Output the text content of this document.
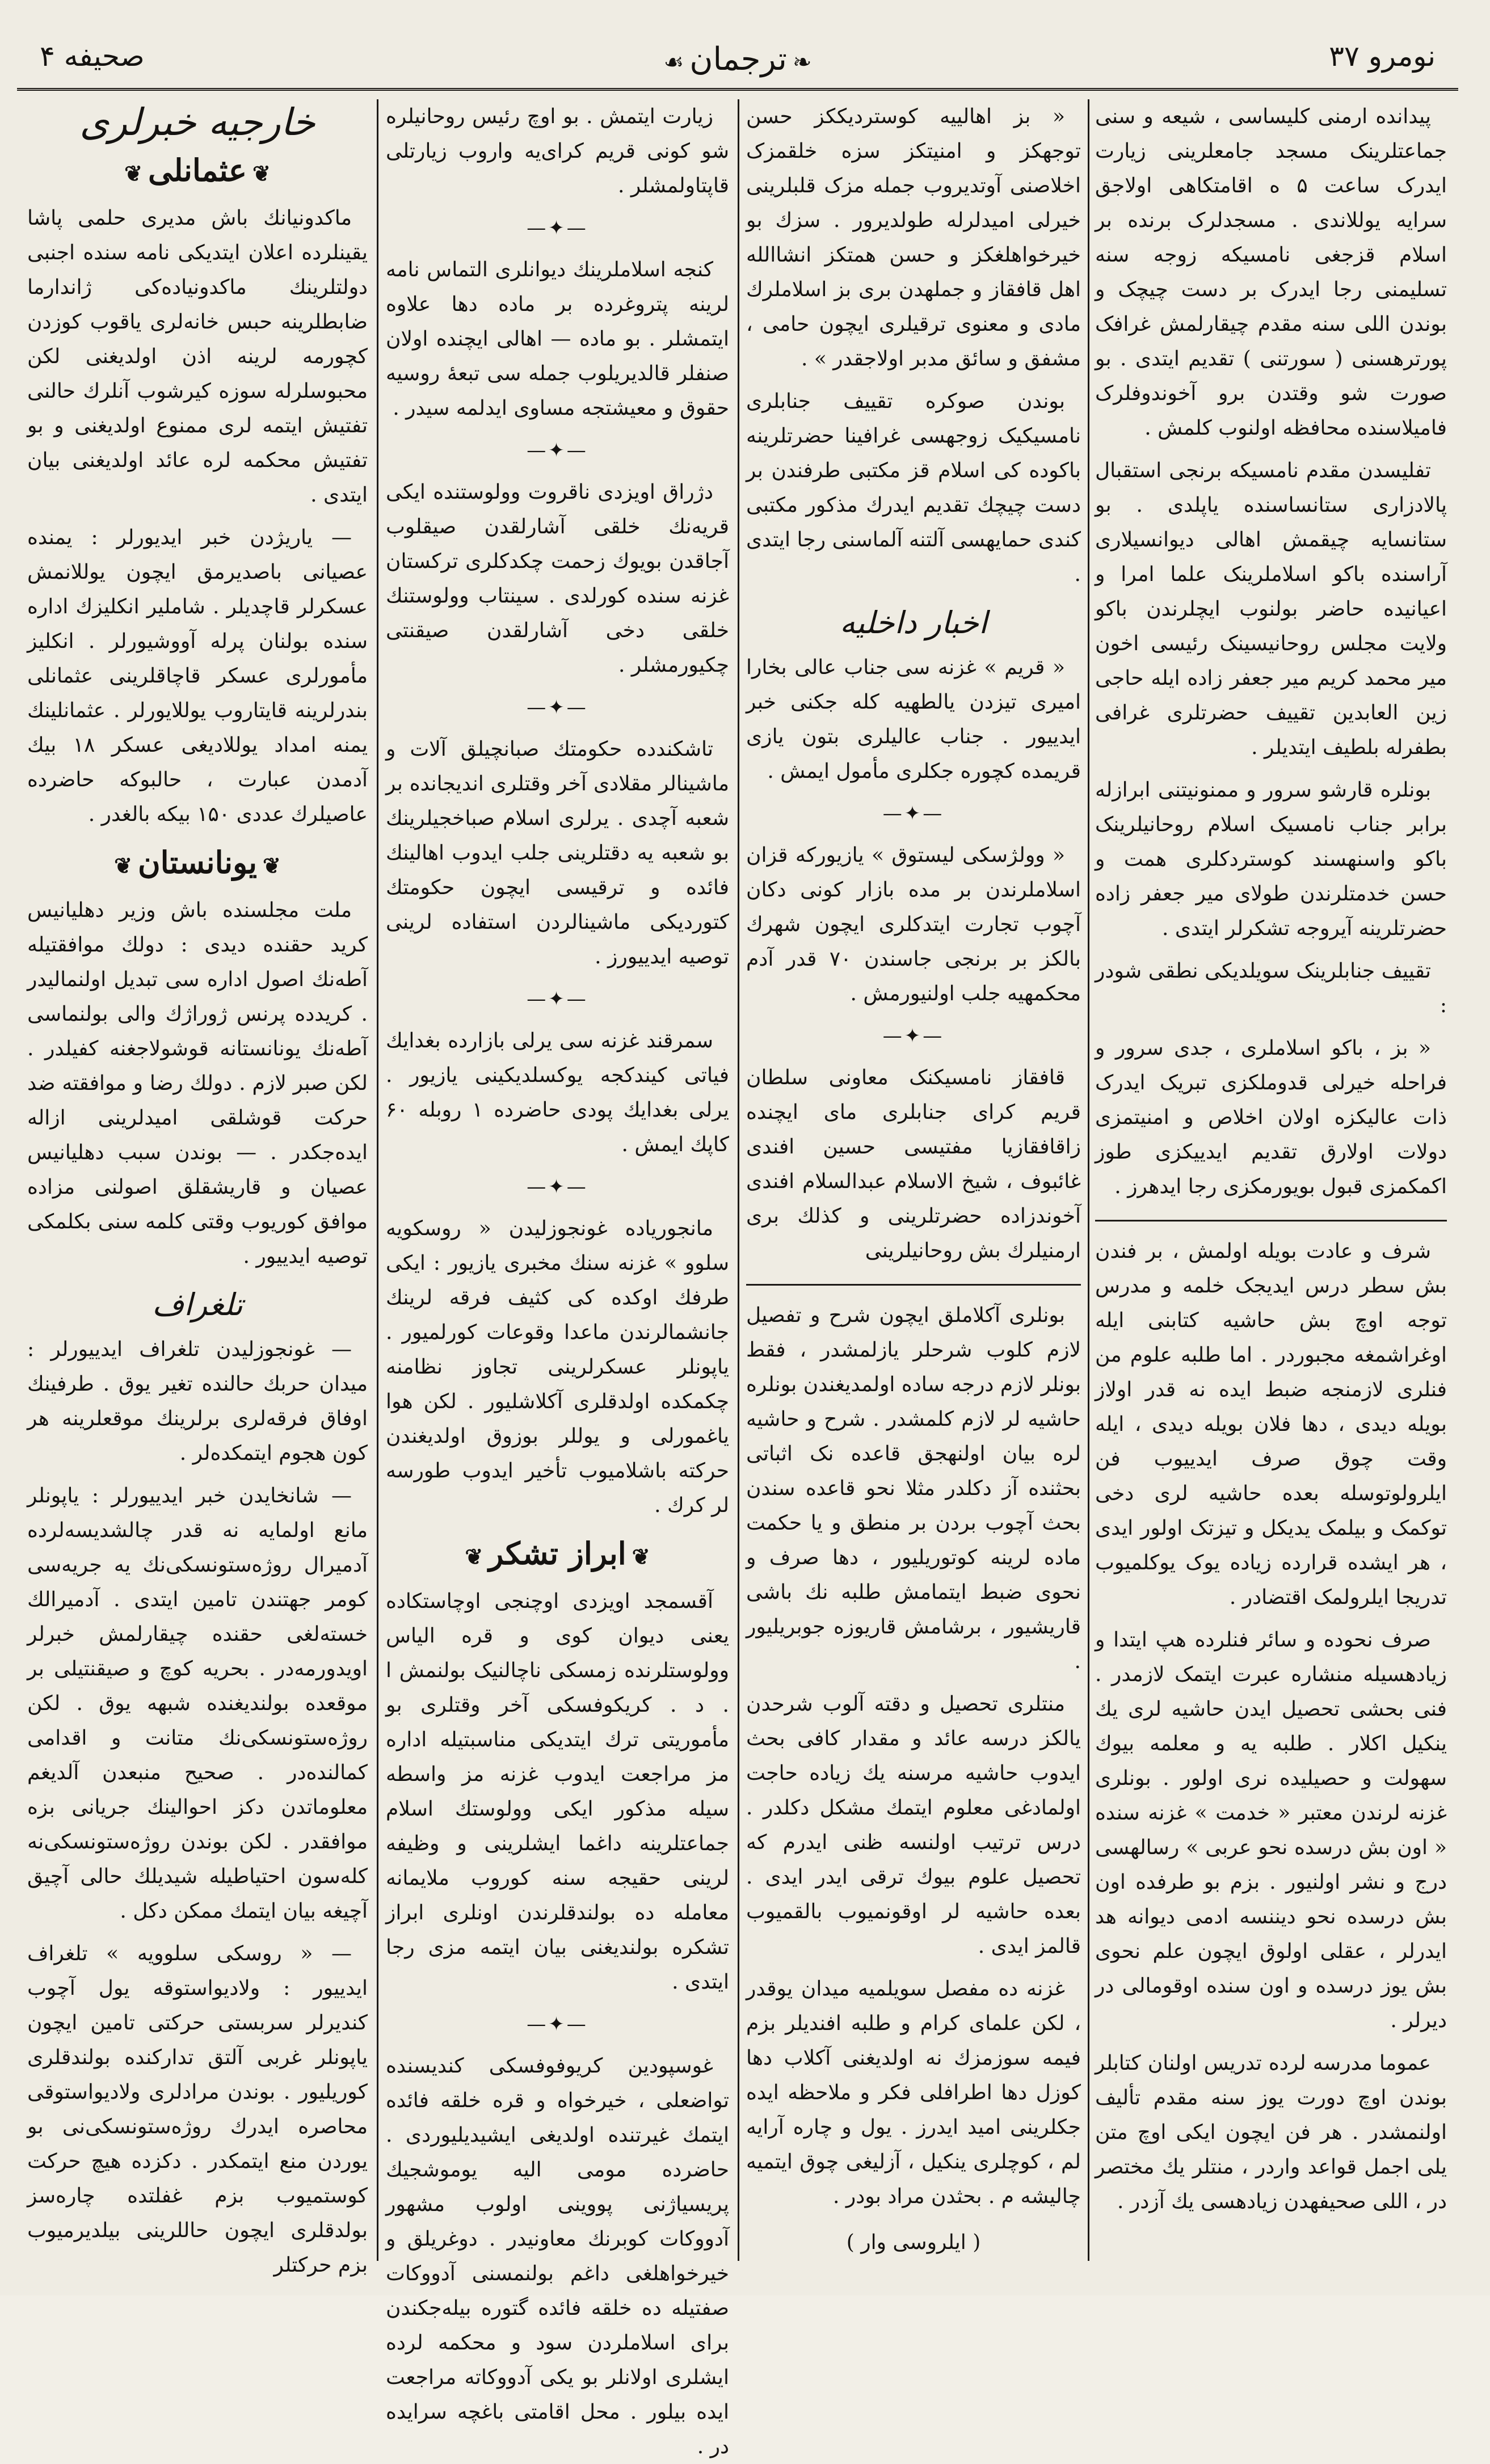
صحیفه ۴	❧ترجمان☙	نومرو ۳۷

پیدانده ارمنی کلیساسی ، شیعه و سنی جماعتلرینک مسجد جامعلرینی زیارت ایدرک ساعت ۵ ه اقامتکاهی اولاجق سرایه یوللاندی . مسجدلرک برنده بر اسلام قزجغی نامسیکه زوجه سنه تسلیمنی رجا ایدرک بر دست چیچک و بوندن اللی سنه مقدم چیقارلمش غرافک پورترهسنی ( سورتنی ) تقدیم ایتدی . بو صورت شو وقتدن برو آخوندوفلرک فامیلاسنده محافظه اولنوب کلمش .

تفلیسدن مقدم نامسیکه برنجی استقبال پالادزاری ستانساسنده یاپلدی . بو ستانسایه چیقمش اهالی دیوانسیلاری آراسنده باکو اسلاملرینک علما امرا و اعیانیده حاضر بولنوب ایچلرندن باکو ولایت مجلس روحانیسینک رئیسی اخون میر محمد کریم میر جعفر زاده ایله حاجی زین العابدین تقییف حضرتلری غرافی بطفرله بلطیف ایتدیلر .

بونلره قارشو سرور و ممنونیتنی ابرازله برابر جناب نامسیک اسلام روحانیلرینک باکو واسنهسند کوستردکلری همت و حسن خدمتلرندن طولای میر جعفر زاده حضرتلرینه آیروجه تشکرلر ایتدی .

تقییف جنابلرینک سویلدیکی نطقی شودر :

« بز ، باکو اسلاملری ، جدی سرور و فراحله خیرلی قدوملکزی تبریک ایدرک ذات عالیکزه اولان اخلاص و امنیتمزی دولات اولارق تقدیم ایدییکزی طوز اکمکمزی قبول بویورمکزی رجا ایدهرز .

شرف و عادت بویله اولمش ، بر فندن بش سطر درس ایدیجک خلمه و مدرس توجه اوچ بش حاشیه کتابنی ایله اوغراشمغه مجبوردر . اما طلبه علوم من فنلری لازمنجه ضبط ایده نه قدر اولاز بویله دیدی ، دها فلان بویله دیدی ، ایله وقت چوق صرف ایدییوب فن ایلرولوتوسله بعده حاشیه لری دخی توکمک و بیلمک یدیکل و تیزتک اولور ایدی ، هر ایشده قرارده زیاده یوک یوکلمیوب تدریجا ایلرولمک اقتضادر .

صرف نحوده و سائر فنلرده هپ ایتدا و زیادهسیله منشاره عبرت ایتمک لازمدر . فنی بحشی تحصیل ایدن حاشیه لری یك ینکیل اکلار . طلبه یه و معلمه بیوك سهولت و حصیلیده نری اولور . بونلری غزنه لرندن معتبر « خدمت » غزنه سنده « اون بش درسده نحو عربی » رسالهسی درج و نشر اولنیور . بزم بو طرفده اون بش درسده نحو دیننسه ادمی دیوانه هد ایدرلر ، عقلی اولوق ایچون علم نحوی بش یوز درسده و اون سنده اوقومالی در دیرلر .

عموما مدرسه لرده تدریس اولنان کتابلر بوندن اوچ دورت یوز سنه مقدم تألیف اولنمشدر . هر فن ایچون ایکی اوچ متن یلی اجمل قواعد واردر ، منتلر یك مختصر در ، اللی صحیفهدن زیادهسی یك آزدر .

« بز اهالییه کوستردیککز حسن توجهکز و امنیتکز سزه خلقمزک اخلاصنی آوتدیروب جمله مزک قلبلرینی خیرلی امیدلرله طولدیرور . سزك بو خیرخواهلغکز و حسن همتکز انشاالله اهل قافقاز و جملهدن بری بز اسلاملرك مادی و معنوی ترقیلری ایچون حامی ، مشفق و سائق مدبر اولاجقدر » .

بوندن صوکره تقییف جنابلری نامسیکیک زوجهسی غرافینا حضرتلرینه باکوده کی اسلام قز مکتبی طرفندن بر دست چیچك تقدیم ایدرك مذکور مکتبی کندی حمایهسی آلتنه آلماسنی رجا ایتدی .

اخبار داخلیه

« قریم » غزنه سی جناب عالی بخارا امیری تیزدن یالطهیه کله جکنی خبر ایدییور . جناب عالیلری بتون یازی قریمده کچوره جکلری مأمول ایمش .

—✦—

« وولژسکی لیستوق » یازیورکه قزان اسلاملرندن بر مدە بازار کونی دکان آچوب تجارت ایتدکلری ایچون شهرك بالکز بر برنجی جاسندن ۷۰ قدر آدم محکمهیه جلب اولنیورمش .

—✦—

قافقاز نامسیکنک معاونی سلطان قریم کرای جنابلری مای ایچنده زاقافقازیا مفتیسی حسین افندی غائبوف ، شیخ الاسلام عبدالسلام افندی آخوندزاده حضرتلرینی و کذلك بری ارمنیلرك بش روحانیلرینی

بونلری آکلاملق ایچون شرح و تفصیل لازم کلوب شرحلر یازلمشدر ، فقط بونلر لازم درجه ساده اولمدیغندن بونلره حاشیه لر لازم کلمشدر . شرح و حاشیه لره بیان اولنهجق قاعده نک اثباتی بحثنده آز دکلدر مثلا نحو قاعده سندن بحث آچوب بردن بر منطق و یا حکمت ماده لرینه کوتوریلیور ، دها صرف و نحوی ضبط ایتمامش طلبه نك باشی قاریشیور ، برشامش قاریوزه جوبریلیور .

منتلری تحصیل و دقته آلوب شرحدن یالکز درسه عائد و مقدار کافی بحث ایدوب حاشیه مرسنه یك زیاده حاجت اولمادغی معلوم ایتمك مشکل دکلدر . درس ترتیب اولنسه ظنی ایدرم که تحصیل علوم بیوك ترقی ایدر ایدی . بعده حاشیه لر اوقونمیوب بالقمیوب قالمز ایدی .

غزنه ده مفصل سویلمیه میدان یوقدر ، لکن علمای کرام و طلبه افندیلر بزم فیمه سوزمزك نه اولدیغنی آکلاب دها کوزل دها اطرافلی فکر و ملاحظه ایده جکلرینی امید ایدرز . یول و چاره آرایه لم ، کوچلری ینکیل ، آزلیغی چوق ایتمیه چالیشه م . بحثدن مراد بودر .

( ایلروسی وار )

زیارت ایتمش . بو اوچ رئیس روحانیلره شو کونی قریم کرای‌یه وارو‌ب زیارتلی قاپتاولمشلر .

—✦—

کنجه اسلاملرینك دیوانلری التماس نامه لرینه پتروغرده بر ماده دها علاوه ایتمشلر . بو ماده — اهالی ایچنده اولان صنفلر قالدیریلوب جمله سی تبعهٔ روسیه حقوق و معیشتجه مساوی ایدلمه سیدر .

—✦—

دژراق اویزدی ناقروت وولوستنده ایکی قریه‌نك خلقی آشارلقدن صیقلوب آجاقدن بویوك زحمت چکدکلری ترکستان غزنه سنده کورلدی . سینتاب وولوستنك خلقی دخی آشارلقدن صیقنتی چکیورمشلر .

—✦—

تاشکندده حکومتك صبانچیلق آلات و ماشینالر مقلادی آخر وقتلری اندیجانده بر شعبه آچدی . یرلری اسلام صباخجیلرینك بو شعبه یه دقتلرینی جلب ایدوب اهالینك فائده و ترقیسی ایچون حکومتك کتوردیکی ماشینالردن استفاده لرینی توصیه ایدییورز .

—✦—

سمرقند غزنه سی یرلی بازارده بغدایك فیاتی کیندکجه یوکسلدیکینی یازیور . یرلی بغدایك پودی حاضرده ۱ روبله ۶۰ کاپك ایمش .

—✦—

مانجوریاده غونجوزلیدن « روسکویه سلوو » غزنه سنك مخبری یازیور : ایکی طرفك اوکده کی کثیف فرقه لرینك جانشمالرندن ماعدا وقوعات کورلمیور . یاپونلر عسکرلرینی تجاوز نظامنه چکمکده اولدقلری آکلاشلیور . لکن هوا یاغمورلی و یوللر بوزوق اولدیغندن حرکته باشلامیوب تأخیر ایدوب طورسه لر کرك .

❦ابراز تشکر❦

آقسمجد اویزدی اوچنجی اوچاستکاده یعنی دیوان کوی و قره الیاس وولوستلرنده زمسکی ناچالنیک بولنمش ا . د . کریکوفسکی آخر وقتلری بو مأموریتی ترك ایتدیکی مناسبتیله اداره مز مراجعت ایدوب غزنه مز واسطه سیله مذکور ایکی وولوستك اسلام جماعتلرینه داغما ایشلرینی و وظیفه لرینی حقیجه سنه کوروب ملایمانه معامله ده بولندقلرندن اونلری ابراز تشکره بولندیغنی بیان ایتمه مزی رجا ایتدی .

—✦—

غوسپودین کریوفوفسکی کندیسنده تواضعلی ، خیرخواه و قره خلقه فائده ایتمك غیرتنده اولدیغی ایشیدیلیوردی . حاضرده مومی الیه یوموشجیك پریسیاژنی پووینی اولوب مشهور آدووکات کوبرنك معاونیدر . دوغریلق و خیرخواهلغی داغم بولنمسنی آدووکات صفتیله ده خلقه فائده گتوره بیله‌جکندن برای اسلاملردن سود و محکمه لرده ایشلری اولانلر بو یکی آدووکاته مراجعت ایده بیلور . محل اقامتی باغچه سرایده در .

خارجیه خبرلری
❦عثمانلی❦

ماکدونیانك باش مدیری حلمی پاشا یقینلرده اعلان ایتدیکی نامه سنده اجنبی دولتلرینك ماکدونیاده‌کی ژاندارما ضابطلرینه حبس خانه‌لری یاقوب کوزدن کچورمه لرینه اذن اولدیغنی لکن محبوسلرله سوزه کیرشوب آنلرك حالنی تفتیش ایتمه لری ممنوع اولدیغنی و بو تفتیش محکمه لره عائد اولدیغنی بیان ایتدی .

— یاریژدن خبر ایدیورلر : یمنده عصیانی باصدیرمق ایچون یوللانمش عسکرلر قاچدیلر . شاملیر انکلیزك اداره سنده بولنان پرله آووشیورلر . انکلیز مأمورلری عسکر قاچاقلرینی عثمانلی بندرلرینه قایتاروب یوللایورلر . عثمانلینك یمنه امداد یوللادیغی عسکر ۱۸ بیك آدمدن عبارت ، حالبوکه حاضرده عاصیلرك عددی ۱۵۰ بیکه بالغدر .

❦یونانستان❦

ملت مجلسنده باش وزیر دهلیانیس کرید حقنده دیدی : دولك موافقتیله آطه‌نك اصول اداره سی تبدیل اولنمالیدر . کریدده پرنس ژوراژك والی بولنماسی آطه‌نك یونانستانه قوشولاجغنه کفیلدر . لکن صبر لازم . دولك رضا و موافقته ضد حرکت قوشلقی امیدلرینی ازاله ایده‌جکدر . — بوندن سبب دهلیانیس عصیان و قاریشقلق اصولنی مزاده موافق کوریوب وقتی کلمه سنی بکلمکی توصیه ایدییور .

تلغراف

— غونجوزلیدن تلغراف ایدییورلر : میدان حربك حالنده تغیر یوق . طرفینك اوفاق فرقه‌لری برلرینك موقعلرینه هر کون هجوم ایتمکده‌لر .

— شانخایدن خبر ایدییورلر : یاپونلر مانع اولمایه نه قدر چالشدیسه‌لرده آدمیرال روژه‌ستونسکی‌نك یه جریه‌سی کومر جهتندن تامین ایتدی . آدمیرالك خسته‌لغی حقنده چیقارلمش خبرلر اویدورمه‌در . بحریه کوچ و صیقنتیلی بر موقعده بولندیغنده شبهه یوق . لکن روژه‌ستونسکی‌نك متانت و اقدامی کمالنده‌در . صحیح منبعدن آلدیغم معلوماتدن دکز احوالینك جریانی بزه موافقدر . لکن بوندن روژه‌ستونسکی‌نه کله‌سون احتیاطیله شیدیلك حالی آچیق آچیغه بیان ایتمك ممکن دکل .

— « روسکی سلوویه » تلغراف ایدییور : ولادیواستوقه یول آچوب کندیرلر سربستی حرکتی تامین ایچون یاپونلر غربی آلتق تدارکنده بولندقلری کوریلیور . بوندن مرادلری ولادیواستوقی محاصره ایدرك روژه‌ستونسکی‌نی بو یوردن منع ایتمکدر . دکزده هیچ حرکت کوستمیوب بزم غفلتده چارەسز بولدقلری ایچون حاللرینی بیلدیرمیوب بزم حرکتلر
